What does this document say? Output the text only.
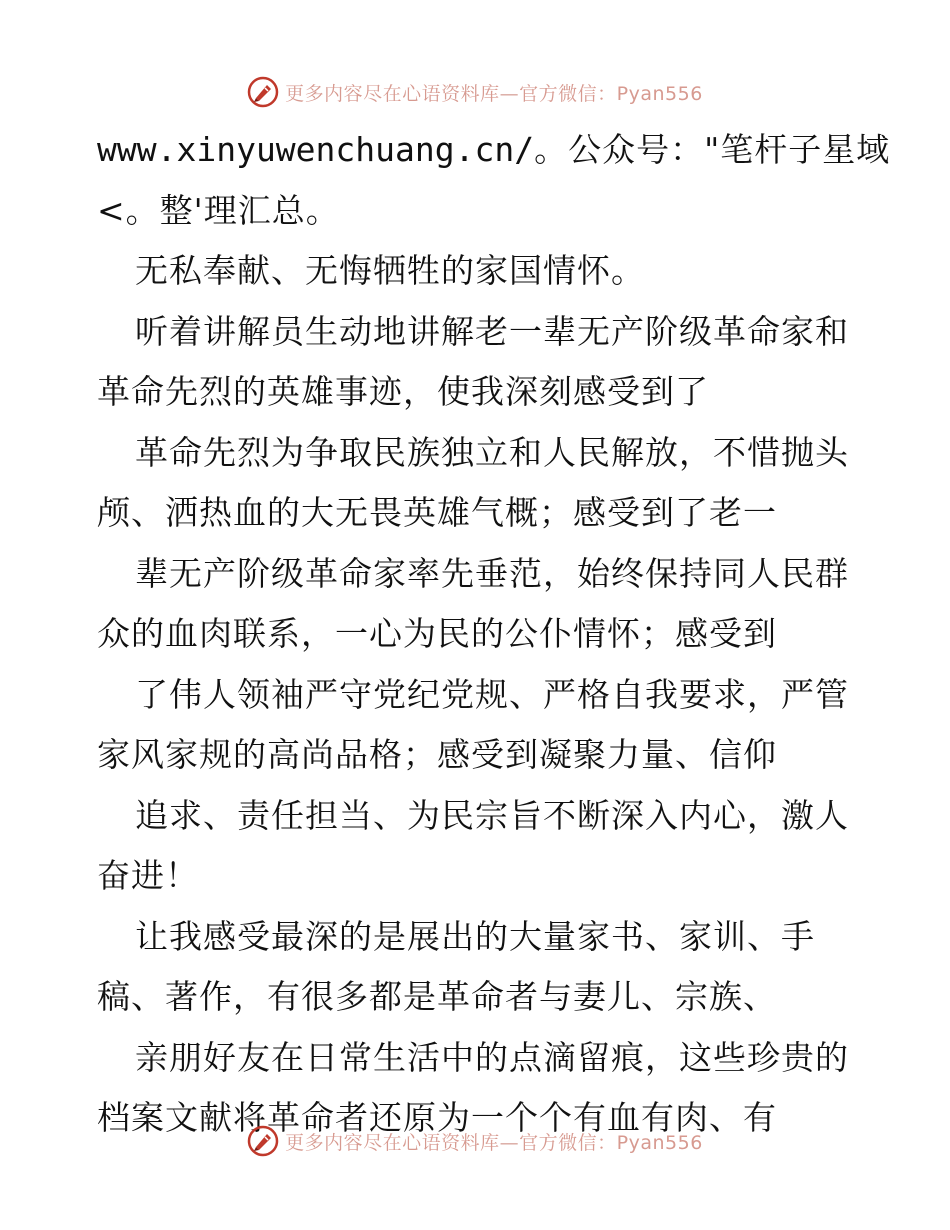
更多内容尽在心语资料库—官方微信：Pyan556
www.xinyuwenchuang.cn/。公众号："笔杆子星域
<。整'理汇总。
无私奉献、无悔牺牲的家国情怀。
听着讲解员生动地讲解老一辈无产阶级革命家和
革命先烈的英雄事迹，使我深刻感受到了
革命先烈为争取民族独立和人民解放，不惜抛头
颅、洒热血的大无畏英雄气概；感受到了老一
辈无产阶级革命家率先垂范，始终保持同人民群
众的血肉联系，一心为民的公仆情怀；感受到
了伟人领袖严守党纪党规、严格自我要求，严管
家风家规的高尚品格；感受到凝聚力量、信仰
追求、责任担当、为民宗旨不断深入内心，激人
奋进！
让我感受最深的是展出的大量家书、家训、手
稿、著作，有很多都是革命者与妻儿、宗族、
亲朋好友在日常生活中的点滴留痕，这些珍贵的
档案文献将革命者还原为一个个有血有肉、有
更多内容尽在心语资料库—官方微信：Pyan556
